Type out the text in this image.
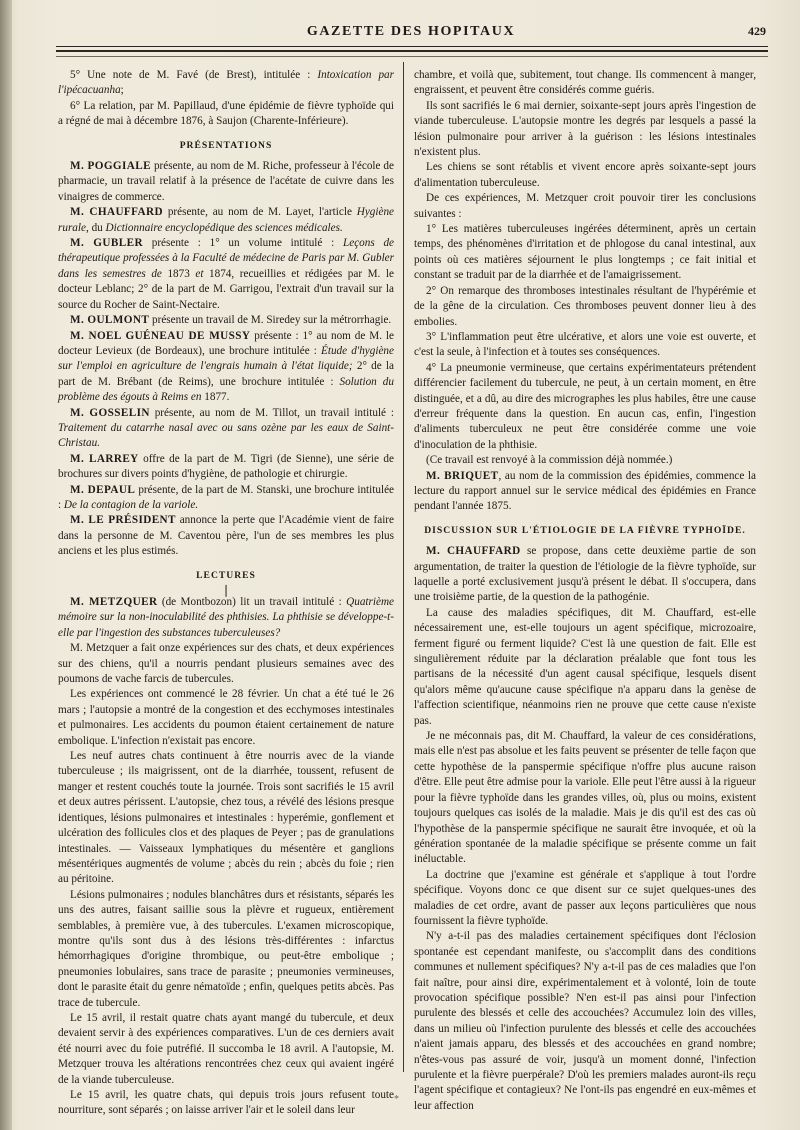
GAZETTE DES HOPITAUX	429

5° Une note de M. Favé (de Brest), intitulée : Intoxication par l'ipécacuanha;

6° La relation, par M. Papillaud, d'une épidémie de fièvre typhoïde qui a régné de mai à décembre 1876, à Saujon (Charente-Inférieure).

PRÉSENTATIONS

M. POGGIALE présente, au nom de M. Riche, professeur à l'école de pharmacie, un travail relatif à la présence de l'acétate de cuivre dans les vinaigres de commerce.

M. CHAUFFARD présente, au nom de M. Layet, l'article Hygiène rurale, du Dictionnaire encyclopédique des sciences médicales.

M. GUBLER présente : 1° un volume intitulé : Leçons de thérapeutique professées à la Faculté de médecine de Paris par M. Gubler dans les semestres de 1873 et 1874, recueillies et rédigées par M. le docteur Leblanc; 2° de la part de M. Garrigou, l'extrait d'un travail sur la source du Rocher de Saint-Nectaire.

M. OULMONT présente un travail de M. Siredey sur la métrorrhagie.

M. NOEL GUÉNEAU DE MUSSY présente : 1° au nom de M. le docteur Levieux (de Bordeaux), une brochure intitulée : Étude d'hygiène sur l'emploi en agriculture de l'engrais humain à l'état liquide; 2° de la part de M. Brébant (de Reims), une brochure intitulée : Solution du problème des égouts à Reims en 1877.

M. GOSSELIN présente, au nom de M. Tillot, un travail intitulé : Traitement du catarrhe nasal avec ou sans ozène par les eaux de Saint-Christau.

M. LARREY offre de la part de M. Tigri (de Sienne), une série de brochures sur divers points d'hygiène, de pathologie et chirurgie.

M. DEPAUL présente, de la part de M. Stanski, une brochure intitulée : De la contagion de la variole.

M. LE PRÉSIDENT annonce la perte que l'Académie vient de faire dans la personne de M. Caventou père, l'un de ses membres les plus anciens et les plus estimés.

LECTURES
❘

M. METZQUER (de Montbozon) lit un travail intitulé : Quatrième mémoire sur la non-inoculabilité des phthisies. La phthisie se développe-t-elle par l'ingestion des substances tuberculeuses?

M. Metzquer a fait onze expériences sur des chats, et deux expériences sur des chiens, qu'il a nourris pendant plusieurs semaines avec des poumons de vache farcis de tubercules.

Les expériences ont commencé le 28 février. Un chat a été tué le 26 mars ; l'autopsie a montré de la congestion et des ecchymoses intestinales et pulmonaires. Les accidents du poumon étaient certainement de nature embolique. L'infection n'existait pas encore.

Les neuf autres chats continuent à être nourris avec de la viande tuberculeuse ; ils maigrissent, ont de la diarrhée, toussent, refusent de manger et restent couchés toute la journée. Trois sont sacrifiés le 15 avril et deux autres périssent. L'autopsie, chez tous, a révélé des lésions presque identiques, lésions pulmonaires et intestinales : hyperémie, gonflement et ulcération des follicules clos et des plaques de Peyer ; pas de granulations intestinales. — Vaisseaux lymphatiques du mésentère et ganglions mésentériques augmentés de volume ; abcès du rein ; abcès du foie ; rien au péritoine.

Lésions pulmonaires ; nodules blanchâtres durs et résistants, séparés les uns des autres, faisant saillie sous la plèvre et rugueux, entièrement semblables, à première vue, à des tubercules. L'examen microscopique, montre qu'ils sont dus à des lésions très-différentes : infarctus hémorrhagiques d'origine thrombique, ou peut-être embolique ; pneumonies lobulaires, sans trace de parasite ; pneumonies vermineuses, dont le parasite était du genre nématoïde ; enfin, quelques petits abcès. Pas trace de tubercule.

Le 15 avril, il restait quatre chats ayant mangé du tubercule, et deux devaient servir à des expériences comparatives. L'un de ces derniers avait été nourri avec du foie putréfié. Il succomba le 18 avril. A l'autopsie, M. Metzquer trouva les altérations rencontrées chez ceux qui avaient ingéré de la viande tuberculeuse.

Le 15 avril, les quatre chats, qui depuis trois jours refusent toute nourriture, sont séparés ; on laisse arriver l'air et le soleil dans leur

chambre, et voilà que, subitement, tout change. Ils commencent à manger, engraissent, et peuvent être considérés comme guéris.

Ils sont sacrifiés le 6 mai dernier, soixante-sept jours après l'ingestion de viande tuberculeuse. L'autopsie montre les degrés par lesquels a passé la lésion pulmonaire pour arriver à la guérison : les lésions intestinales n'existent plus.

Les chiens se sont rétablis et vivent encore après soixante-sept jours d'alimentation tuberculeuse.

De ces expériences, M. Metzquer croit pouvoir tirer les conclusions suivantes :

1° Les matières tuberculeuses ingérées déterminent, après un certain temps, des phénomènes d'irritation et de phlogose du canal intestinal, aux points où ces matières séjournent le plus longtemps ; ce fait initial et constant se traduit par de la diarrhée et de l'amaigrissement.

2° On remarque des thromboses intestinales résultant de l'hypérémie et de la gêne de la circulation. Ces thromboses peuvent donner lieu à des embolies.

3° L'inflammation peut être ulcérative, et alors une voie est ouverte, et c'est la seule, à l'infection et à toutes ses conséquences.

4° La pneumonie vermineuse, que certains expérimentateurs prétendent différencier facilement du tubercule, ne peut, à un certain moment, en être distinguée, et a dû, au dire des micrographes les plus habiles, être une cause d'erreur fréquente dans la question. En aucun cas, enfin, l'ingestion d'aliments tuberculeux ne peut être considérée comme une voie d'inoculation de la phthisie.

(Ce travail est renvoyé à la commission déjà nommée.)

M. BRIQUET, au nom de la commission des épidémies, commence la lecture du rapport annuel sur le service médical des épidémies en France pendant l'année 1875.

DISCUSSION SUR L'ÉTIOLOGIE DE LA FIÈVRE TYPHOÏDE.

M. CHAUFFARD se propose, dans cette deuxième partie de son argumentation, de traiter la question de l'étiologie de la fièvre typhoïde, sur laquelle a porté exclusivement jusqu'à présent le débat. Il s'occupera, dans une troisième partie, de la question de la pathogénie.

La cause des maladies spécifiques, dit M. Chauffard, est-elle nécessairement une, est-elle toujours un agent spécifique, microzoaire, ferment figuré ou ferment liquide? C'est là une question de fait. Elle est singulièrement réduite par la déclaration préalable que font tous les partisans de la nécessité d'un agent causal spécifique, lesquels disent qu'alors même qu'aucune cause spécifique n'a apparu dans la genèse de l'affection scientifique, néanmoins rien ne prouve que cette cause n'existe pas.

Je ne méconnais pas, dit M. Chauffard, la valeur de ces considérations, mais elle n'est pas absolue et les faits peuvent se présenter de telle façon que cette hypothèse de la panspermie spécifique n'offre plus aucune raison d'être. Elle peut être admise pour la variole. Elle peut l'être aussi à la rigueur pour la fièvre typhoïde dans les grandes villes, où, plus ou moins, existent toujours quelques cas isolés de la maladie. Mais je dis qu'il est des cas où l'hypothèse de la panspermie spécifique ne saurait être invoquée, et où la génération spontanée de la maladie spécifique se présente comme un fait inéluctable.

La doctrine que j'examine est générale et s'applique à tout l'ordre spécifique. Voyons donc ce que disent sur ce sujet quelques-unes des maladies de cet ordre, avant de passer aux leçons particulières que nous fournissent la fièvre typhoïde.

N'y a-t-il pas des maladies certainement spécifiques dont l'éclosion spontanée est cependant manifeste, ou s'accomplit dans des conditions communes et nullement spécifiques? N'y a-t-il pas de ces maladies que l'on fait naître, pour ainsi dire, expérimentalement et à volonté, loin de toute provocation spécifique possible? N'en est-il pas ainsi pour l'infection purulente des blessés et celle des accouchées? Accumulez loin des villes, dans un milieu où l'infection purulente des blessés et celle des accouchées n'aient jamais apparu, des blessés et des accouchées en grand nombre; n'êtes-vous pas assuré de voir, jusqu'à un moment donné, l'infection purulente et la fièvre puerpérale? D'où les premiers malades auront-ils reçu l'agent spécifique et contagieux? Ne l'ont-ils pas engendré en eux-mêmes et leur affection

*
